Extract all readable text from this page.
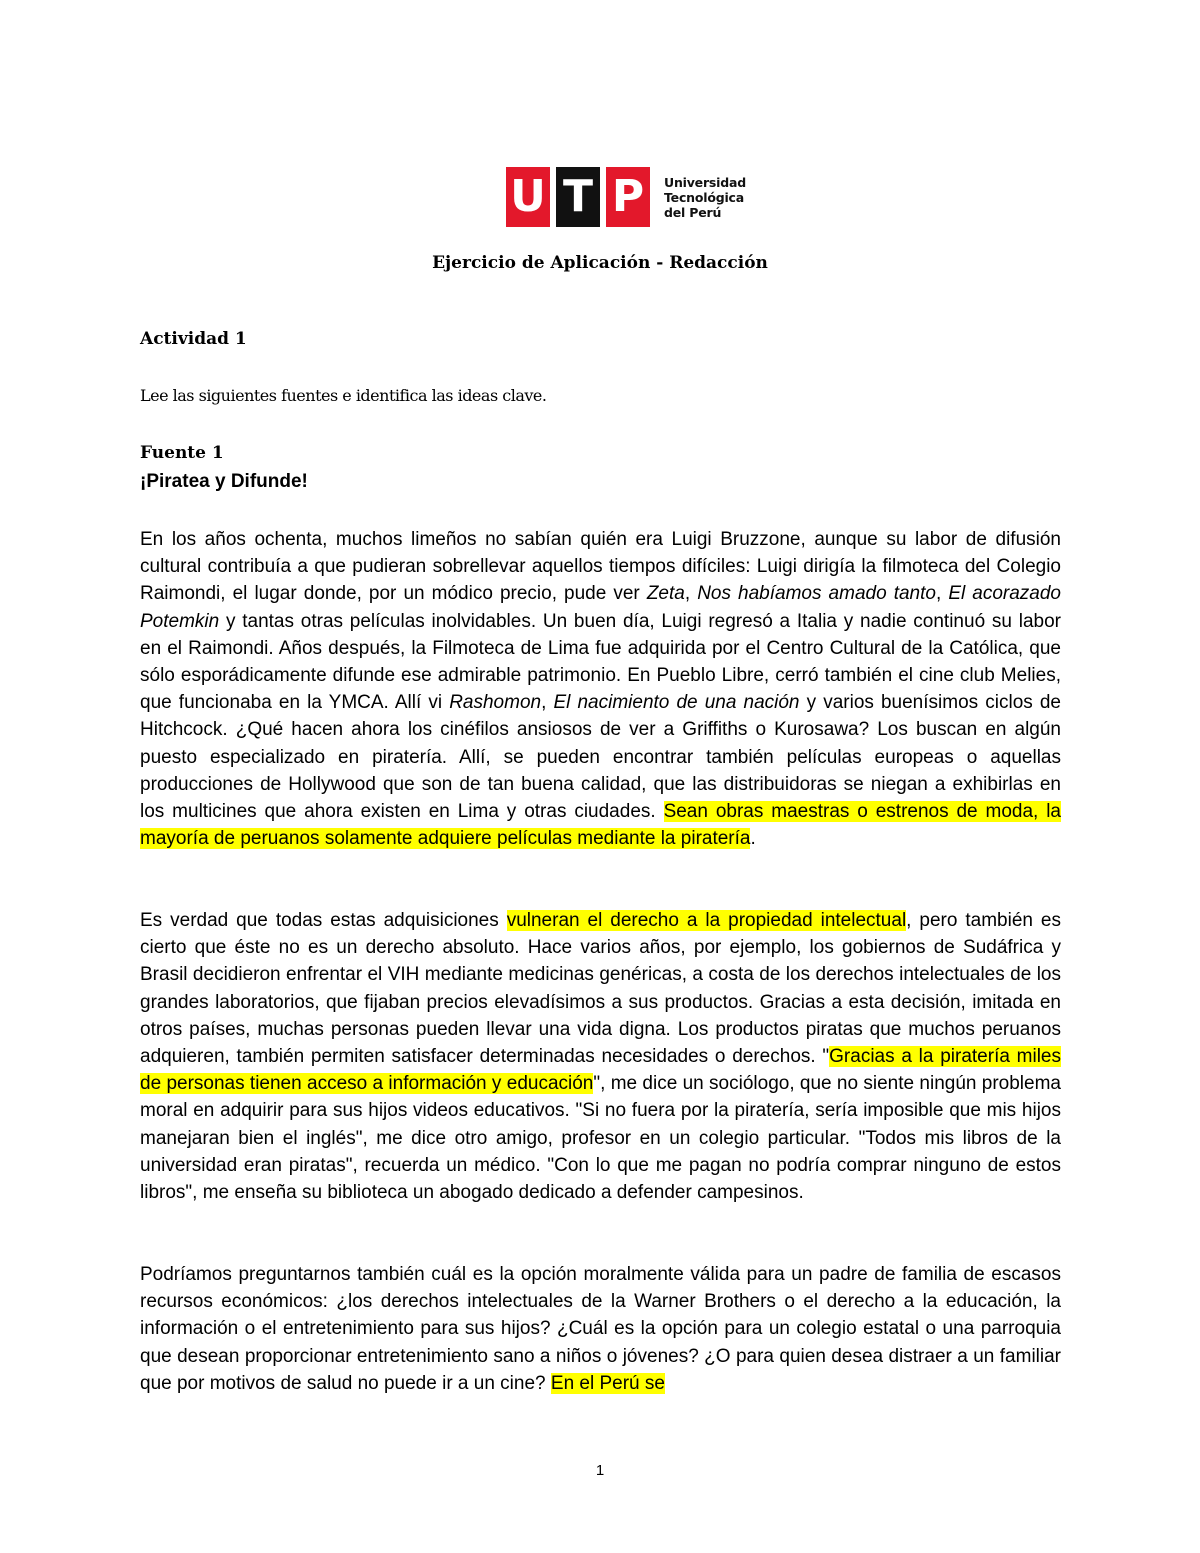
U T P	Universidad
Tecnológica
del Perú
Ejercicio de Aplicación - Redacción
Actividad 1
Lee las siguientes fuentes e identifica las ideas clave.
Fuente 1
¡Piratea y Difunde!
En los años ochenta, muchos limeños no sabían quién era Luigi Bruzzone, aunque su labor de difusión cultural contribuía a que pudieran sobrellevar aquellos tiempos difíciles: Luigi dirigía la filmoteca del Colegio Raimondi, el lugar donde, por un módico precio, pude ver Zeta, Nos habíamos amado tanto, El acorazado Potemkin y tantas otras películas inolvidables. Un buen día, Luigi regresó a Italia y nadie continuó su labor en el Raimondi. Años después, la Filmoteca de Lima fue adquirida por el Centro Cultural de la Católica, que sólo esporádicamente difunde ese admirable patrimonio. En Pueblo Libre, cerró también el cine club Melies, que funcionaba en la YMCA. Allí vi Rashomon, El nacimiento de una nación y varios buenísimos ciclos de Hitchcock. ¿Qué hacen ahora los cinéfilos ansiosos de ver a Griffiths o Kurosawa? Los buscan en algún puesto especializado en piratería. Allí, se pueden encontrar también películas europeas o aquellas producciones de Hollywood que son de tan buena calidad, que las distribuidoras se niegan a exhibirlas en los multicines que ahora existen en Lima y otras ciudades. Sean obras maestras o estrenos de moda, la mayoría de peruanos solamente adquiere películas mediante la piratería.
Es verdad que todas estas adquisiciones vulneran el derecho a la propiedad intelectual, pero también es cierto que éste no es un derecho absoluto. Hace varios años, por ejemplo, los gobiernos de Sudáfrica y Brasil decidieron enfrentar el VIH mediante medicinas genéricas, a costa de los derechos intelectuales de los grandes laboratorios, que fijaban precios elevadísimos a sus productos. Gracias a esta decisión, imitada en otros países, muchas personas pueden llevar una vida digna. Los productos piratas que muchos peruanos adquieren, también permiten satisfacer determinadas necesidades o derechos. "Gracias a la piratería miles de personas tienen acceso a información y educación", me dice un sociólogo, que no siente ningún problema moral en adquirir para sus hijos videos educativos. "Si no fuera por la piratería, sería imposible que mis hijos manejaran bien el inglés", me dice otro amigo, profesor en un colegio particular. "Todos mis libros de la universidad eran piratas", recuerda un médico. "Con lo que me pagan no podría comprar ninguno de estos libros", me enseña su biblioteca un abogado dedicado a defender campesinos.
Podríamos preguntarnos también cuál es la opción moralmente válida para un padre de familia de escasos recursos económicos: ¿los derechos intelectuales de la Warner Brothers o el derecho a la educación, la información o el entretenimiento para sus hijos? ¿Cuál es la opción para un colegio estatal o una parroquia que desean proporcionar entretenimiento sano a niños o jóvenes? ¿O para quien desea distraer a un familiar que por motivos de salud no puede ir a un cine? En el Perú se
1
